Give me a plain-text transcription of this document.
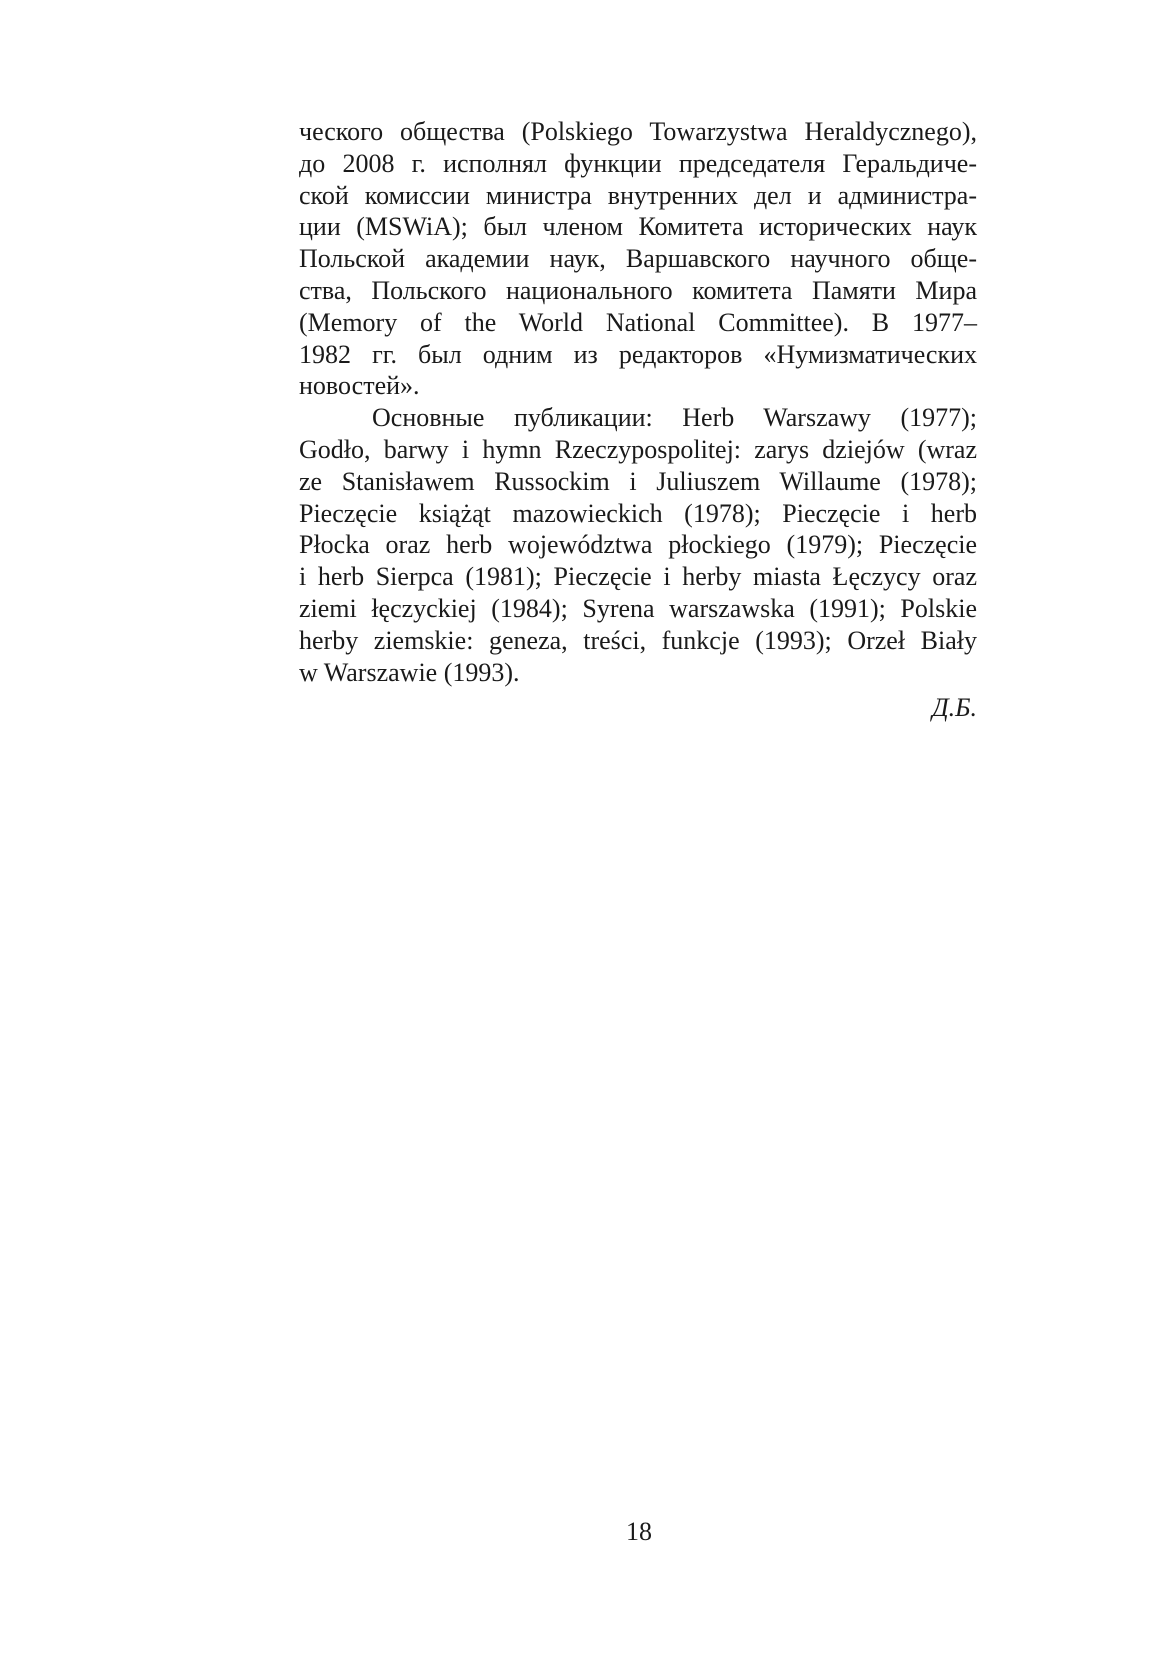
ческого общества (Polskiego Towarzystwa Heraldycznego),
до 2008 г. исполнял функции председателя Геральдиче-
ской комиссии министра внутренних дел и администра-
ции (MSWiA); был членом Комитета исторических наук
Польской академии наук, Варшавского научного обще-
ства, Польского национального комитета Памяти Мира
(Memory of the World National Committee). В 1977–
1982 гг. был одним из редакторов «Нумизматических
новостей».
Основные публикации: Herb Warszawy (1977);
Godło, barwy i hymn Rzeczypospolitej: zarys dziejów (wraz
ze Stanisławem Russockim i Juliuszem Willaume (1978);
Pieczęcie książąt mazowieckich (1978); Pieczęcie i herb
Płocka oraz herb województwa płockiego (1979); Pieczęcie
i herb Sierpca (1981); Pieczęcie i herby miasta Łęczycy oraz
ziemi łęczyckiej (1984); Syrena warszawska (1991); Polskie
herby ziemskie: geneza, treści, funkcje (1993); Orzeł Biały
w Warszawie (1993).
Д.Б.
18
